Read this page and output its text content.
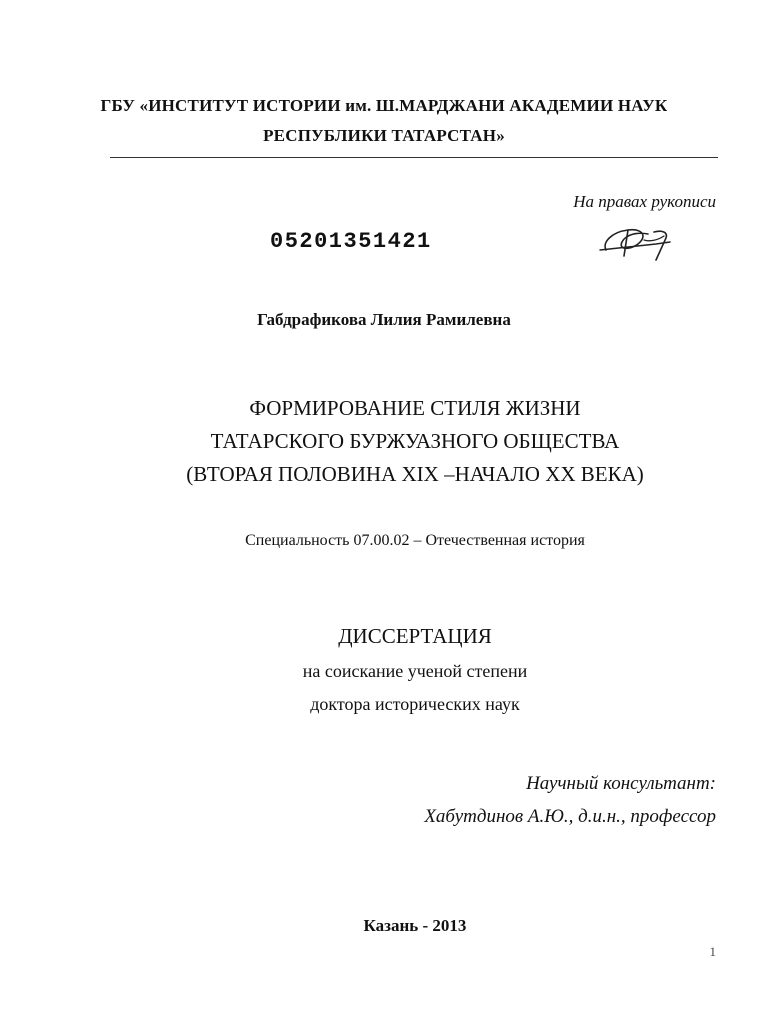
ГБУ «ИНСТИТУТ ИСТОРИИ им. Ш.МАРДЖАНИ АКАДЕМИИ НАУК
РЕСПУБЛИКИ ТАТАРСТАН»
На правах рукописи
05201351421
Габдрафикова Лилия Рамилевна
ФОРМИРОВАНИЕ СТИЛЯ ЖИЗНИ
ТАТАРСКОГО БУРЖУАЗНОГО ОБЩЕСТВА
(ВТОРАЯ ПОЛОВИНА XIX –НАЧАЛО XX ВЕКА)
Специальность 07.00.02 – Отечественная история
ДИССЕРТАЦИЯ
на соискание ученой степени
доктора исторических наук
Научный консультант:
Хабутдинов А.Ю., д.и.н., профессор
Казань - 2013
1
